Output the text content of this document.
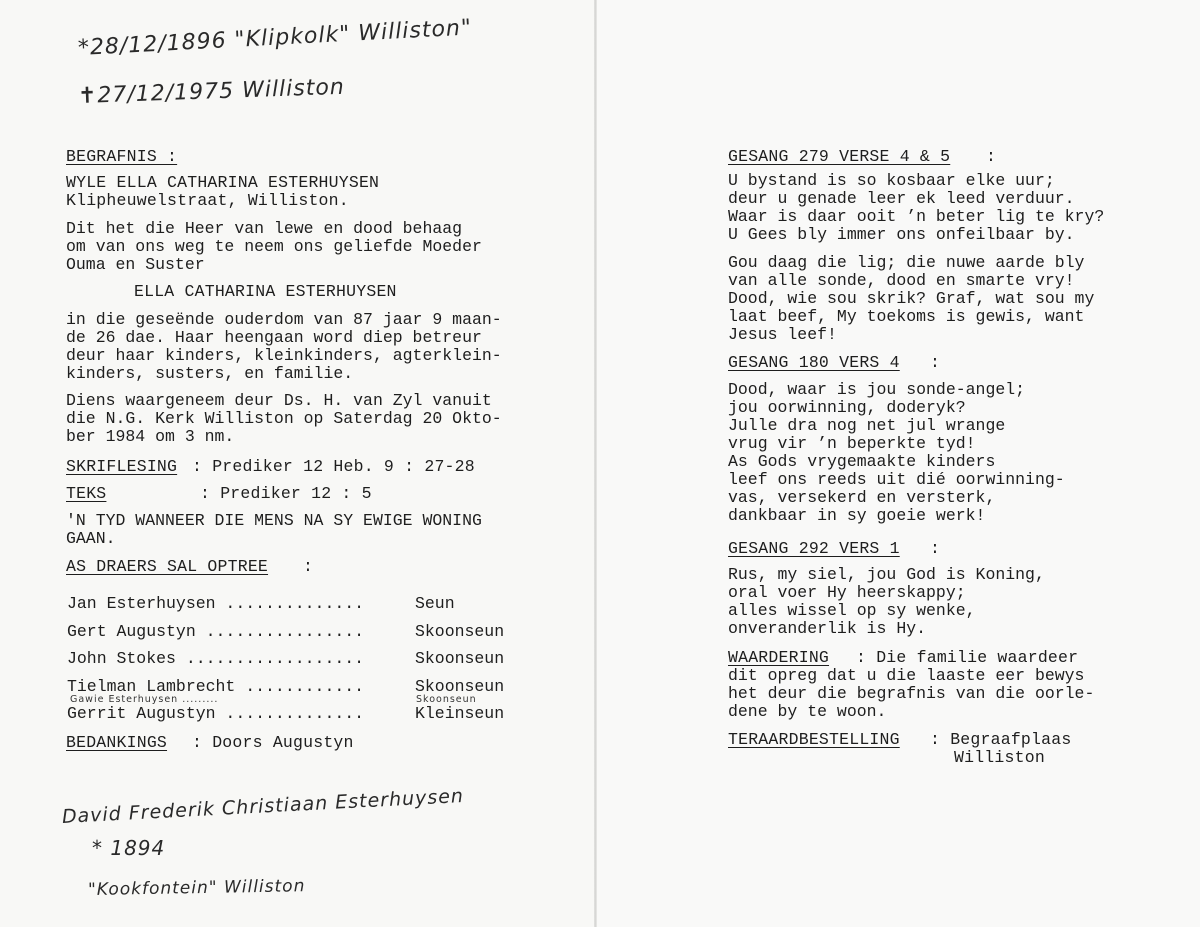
*28/12/1896 "Klipkolk" Williston"
✝27/12/1975 Williston
BEGRAFNIS :
WYLE ELLA CATHARINA ESTERHUYSEN
Klipheuwelstraat, Williston.
Dit het die Heer van lewe en dood behaag
om van ons weg te neem ons geliefde Moeder
Ouma en Suster
ELLA CATHARINA ESTERHUYSEN
in die geseënde ouderdom van 87 jaar 9 maan-
de 26 dae. Haar heengaan word diep betreur
deur haar kinders, kleinkinders, agterklein-
kinders, susters, en familie.
Diens waargeneem deur Ds. H. van Zyl vanuit
die N.G. Kerk Williston op Saterdag 20 Okto-
ber 1984 om 3 nm.
SKRIFLESING : Prediker 12 Heb. 9 : 27-28
TEKS	: Prediker 12 : 5
'N TYD WANNEER DIE MENS NA SY EWIGE WONING
GAAN.
AS DRAERS SAL OPTREE :
Jan Esterhuysen ..............	Seun
Gert Augustyn ................	Skoonseun
John Stokes ..................	Skoonseun
Tielman Lambrecht ............	Skoonseun
Gawie Esterhuysen .........	Skoonseun
Gerrit Augustyn ..............	Kleinseun
BEDANKINGS : Doors Augustyn
David Frederik Christiaan Esterhuysen
* 1894
"Kookfontein" Williston
GESANG 279 VERSE 4 & 5 :
U bystand is so kosbaar elke uur;
deur u genade leer ek leed verduur.
Waar is daar ooit ’n beter lig te kry?
U Gees bly immer ons onfeilbaar by.
Gou daag die lig; die nuwe aarde bly
van alle sonde, dood en smarte vry!
Dood, wie sou skrik? Graf, wat sou my
laat beef, My toekoms is gewis, want
Jesus leef!
GESANG 180 VERS 4 :
Dood, waar is jou sonde-angel;
jou oorwinning, doderyk?
Julle dra nog net jul wrange
vrug vir ’n beperkte tyd!
As Gods vrygemaakte kinders
leef ons reeds uit dié oorwinning-
vas, versekerd en versterk,
dankbaar in sy goeie werk!
GESANG 292 VERS 1 :
Rus, my siel, jou God is Koning,
oral voer Hy heerskappy;
alles wissel op sy wenke,
onveranderlik is Hy.
WAARDERING : Die familie waardeer
dit opreg dat u die laaste eer bewys
het deur die begrafnis van die oorle-
dene by te woon.
TERAARDBESTELLING : Begraafplaas
Williston
